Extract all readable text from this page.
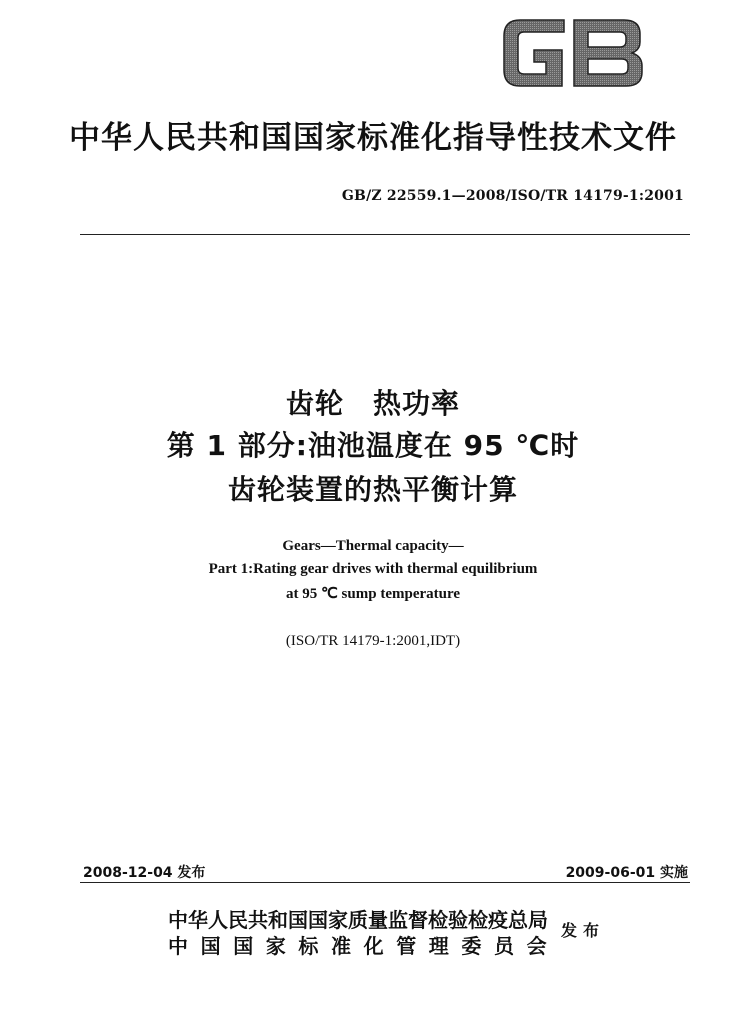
中华人民共和国国家标准化指导性技术文件
GB/Z 22559.1—2008/ISO/TR 14179-1:2001
齿轮　热功率
第 1 部分:油池温度在 95 ℃时
齿轮装置的热平衡计算
Gears—Thermal capacity—
Part 1:Rating gear drives with thermal equilibrium
at 95 ℃ sump temperature
(ISO/TR 14179-1:2001,IDT)
2008-12-04 发布	2009-06-01 实施
中华人民共和国国家质量监督检验检疫总局
中国国家标准化管理委员会
发布
